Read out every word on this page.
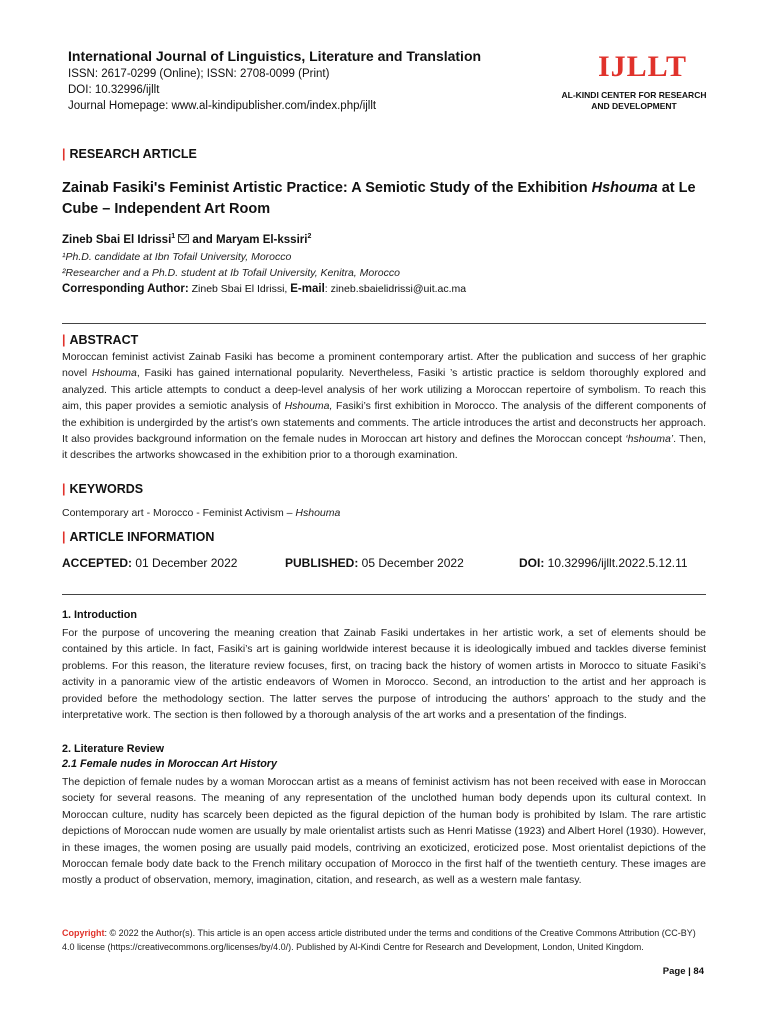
International Journal of Linguistics, Literature and Translation
ISSN: 2617-0299 (Online); ISSN: 2708-0099 (Print)
DOI: 10.32996/ijllt
Journal Homepage: www.al-kindipublisher.com/index.php/ijllt
IJLLT
AL-KINDI CENTER FOR RESEARCH AND DEVELOPMENT
| RESEARCH ARTICLE
Zainab Fasiki's Feminist Artistic Practice: A Semiotic Study of the Exhibition Hshouma at Le Cube – Independent Art Room
Zineb Sbai El Idrissi$^1$ and Maryam El-kssiri$^2$
¹Ph.D. candidate at Ibn Tofail University, Morocco
²Researcher and a Ph.D. student at Ib Tofail University, Kenitra, Morocco
Corresponding Author: Zineb Sbai El Idrissi, E-mail: zineb.sbaielidrissi@uit.ac.ma
| ABSTRACT

Moroccan feminist activist Zainab Fasiki has become a prominent contemporary artist. After the publication and success of her graphic novel Hshouma, Fasiki has gained international popularity. Nevertheless, Fasiki ’s artistic practice is seldom thoroughly explored and analyzed. This article attempts to conduct a deep-level analysis of her work utilizing a Moroccan repertoire of symbolism. To reach this aim, this paper provides a semiotic analysis of Hshouma, Fasiki’s first exhibition in Morocco. The analysis of the different components of the exhibition is undergirded by the artist’s own statements and comments. The article introduces the artist and deconstructs her approach. It also provides background information on the female nudes in Moroccan art history and defines the Moroccan concept ‘hshouma’. Then, it describes the artworks showcased in the exhibition prior to a thorough examination.

| KEYWORDS
Contemporary art - Morocco - Feminist Activism – Hshouma
| ARTICLE INFORMATION
ACCEPTED: 01 December 2022	PUBLISHED: 05 December 2022	DOI: 10.32996/ijllt.2022.5.12.11
1. Introduction

For the purpose of uncovering the meaning creation that Zainab Fasiki undertakes in her artistic work, a set of elements should be contained by this article. In fact, Fasiki’s art is gaining worldwide interest because it is ideologically imbued and tackles diverse feminist problems. For this reason, the literature review focuses, first, on tracing back the history of women artists in Morocco to situate Fasiki’s activity in a panoramic view of the artistic endeavors of Women in Morocco. Second, an introduction to the artist and her approach is provided before the methodology section. The latter serves the purpose of introducing the authors’ approach to the study and the interpretative work. The section is then followed by a thorough analysis of the art works and a presentation of the findings.

2. Literature Review
2.1 Female nudes in Moroccan Art History

The depiction of female nudes by a woman Moroccan artist as a means of feminist activism has not been received with ease in Moroccan society for several reasons. The meaning of any representation of the unclothed human body depends upon its cultural context. In Moroccan culture, nudity has scarcely been depicted as the figural depiction of the human body is prohibited by Islam. The rare artistic depictions of Moroccan nude women are usually by male orientalist artists such as Henri Matisse (1923) and Albert Horel (1930). However, in these images, the women posing are usually paid models, contriving an exoticized, eroticized pose. Most orientalist depictions of the Moroccan female body date back to the French military occupation of Morocco in the first half of the twentieth century. These images are mostly a product of observation, memory, imagination, citation, and research, as well as a western male fantasy.

Copyright: © 2022 the Author(s). This article is an open access article distributed under the terms and conditions of the Creative Commons Attribution (CC-BY) 4.0 license (https://creativecommons.org/licenses/by/4.0/). Published by Al-Kindi Centre for Research and Development, London, United Kingdom.
Page | 84
